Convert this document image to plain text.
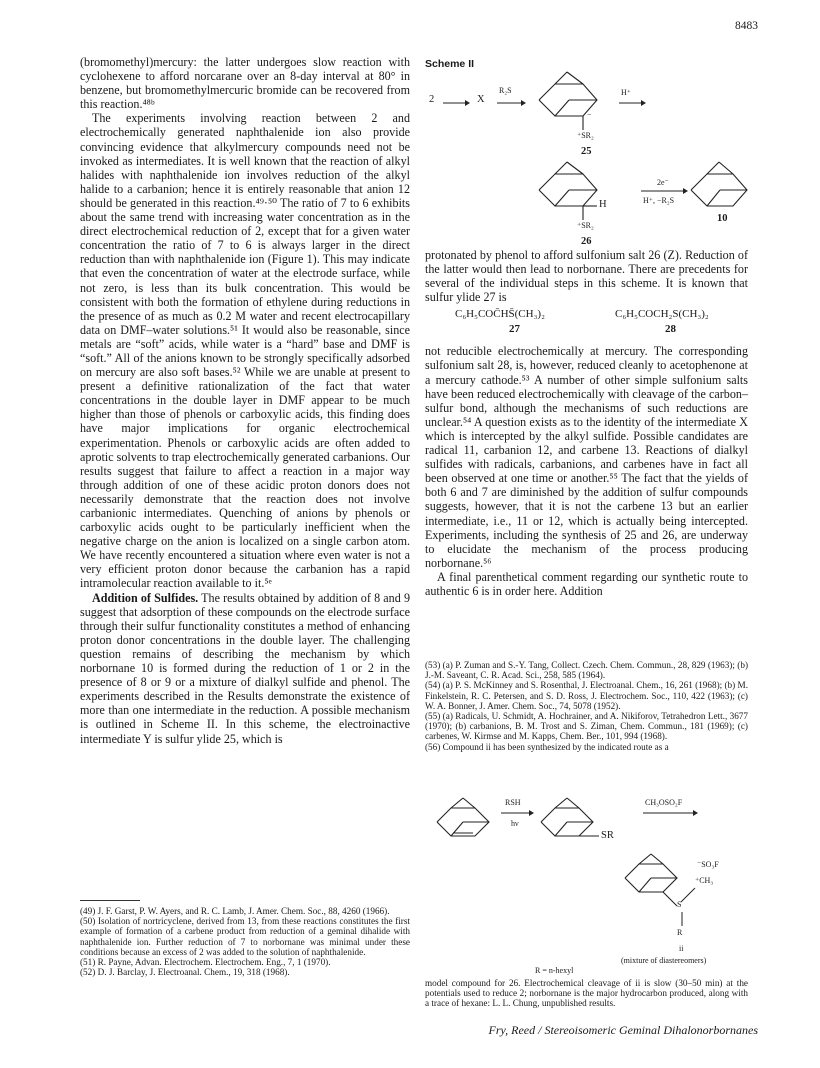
8483

(bromomethyl)mercury: the latter undergoes slow reaction with cyclohexene to afford norcarane over an 8-day interval at 80° in benzene, but bromomethylmercuric bromide can be recovered from this reaction.⁴⁸ᵇ

The experiments involving reaction between 2 and electrochemically generated naphthalenide ion also provide convincing evidence that alkylmercury compounds need not be invoked as intermediates. It is well known that the reaction of alkyl halides with naphthalenide ion involves reduction of the alkyl halide to a carbanion; hence it is entirely reasonable that anion 12 should be generated in this reaction.⁴⁹·⁵⁰ The ratio of 7 to 6 exhibits about the same trend with increasing water concentration as in the direct electrochemical reduction of 2, except that for a given water concentration the ratio of 7 to 6 is always larger in the direct reduction than with naphthalenide ion (Figure 1). This may indicate that even the concentration of water at the electrode surface, while not zero, is less than its bulk concentration. This would be consistent with both the formation of ethylene during reductions in the presence of as much as 0.2 M water and recent electrocapillary data on DMF–water solutions.⁵¹ It would also be reasonable, since metals are “soft” acids, while water is a “hard” base and DMF is “soft.” All of the anions known to be strongly specifically adsorbed on mercury are also soft bases.⁵² While we are unable at present to present a definitive rationalization of the fact that water concentrations in the double layer in DMF appear to be much higher than those of phenols or carboxylic acids, this finding does have major implications for organic electrochemical experimentation. Phenols or carboxylic acids are often added to aprotic solvents to trap electrochemically generated carbanions. Our results suggest that failure to affect a reaction in a major way through addition of one of these acidic proton donors does not necessarily demonstrate that the reaction does not involve carbanionic intermediates. Quenching of anions by phenols or carboxylic acids ought to be particularly inefficient when the negative charge on the anion is localized on a single carbon atom. We have recently encountered a situation where even water is not a very efficient proton donor because the carbanion has a rapid intramolecular reaction available to it.⁵ᵉ

Addition of Sulfides. The results obtained by addition of 8 and 9 suggest that adsorption of these compounds on the electrode surface through their sulfur functionality constitutes a method of enhancing proton donor concentrations in the double layer. The challenging question remains of describing the mechanism by which norbornane 10 is formed during the reduction of 1 or 2 in the presence of 8 or 9 or a mixture of dialkyl sulfide and phenol. The experiments described in the Results demonstrate the existence of more than one intermediate in the reduction. A possible mechanism is outlined in Scheme II. In this scheme, the electroinactive intermediate Y is sulfur ylide 25, which is

(49) J. F. Garst, P. W. Ayers, and R. C. Lamb, J. Amer. Chem. Soc., 88, 4260 (1966).

(50) Isolation of nortricyclene, derived from 13, from these reactions constitutes the first example of formation of a carbene product from reduction of a geminal dihalide with naphthalenide ion. Further reduction of 7 to norbornane was minimal under these conditions because an excess of 2 was added to the solution of naphthalenide.

(51) R. Payne, Advan. Electrochem. Electrochem. Eng., 7, 1 (1970).

(52) D. J. Barclay, J. Electroanal. Chem., 19, 318 (1968).

Scheme II
2	X
R₂S
−
⁺SR₂
25
H⁺
H
⁺SR₂
26
2e⁻
H⁺, −R₂S
10

protonated by phenol to afford sulfonium salt 26 (Z). Reduction of the latter would then lead to norbornane. There are precedents for several of the individual steps in this scheme. It is known that sulfur ylide 27 is

C₆H₅COC̄HS̄(CH₃)₂	C₆H₅COCH₂S(CH₃)₂
27	28

not reducible electrochemically at mercury. The corresponding sulfonium salt 28, is, however, reduced cleanly to acetophenone at a mercury cathode.⁵³ A number of other simple sulfonium salts have been reduced electrochemically with cleavage of the carbon–sulfur bond, although the mechanisms of such reductions are unclear.⁵⁴ A question exists as to the identity of the intermediate X which is intercepted by the alkyl sulfide. Possible candidates are radical 11, carbanion 12, and carbene 13. Reactions of dialkyl sulfides with radicals, carbanions, and carbenes have in fact all been observed at one time or another.⁵⁵ The fact that the yields of both 6 and 7 are diminished by the addition of sulfur compounds suggests, however, that it is not the carbene 13 but an earlier intermediate, i.e., 11 or 12, which is actually being intercepted. Experiments, including the synthesis of 25 and 26, are underway to elucidate the mechanism of the process producing norbornane.⁵⁶

A final parenthetical comment regarding our synthetic route to authentic 6 is in order here. Addition

(53) (a) P. Zuman and S.-Y. Tang, Collect. Czech. Chem. Commun., 28, 829 (1963); (b) J.-M. Saveant, C. R. Acad. Sci., 258, 585 (1964).

(54) (a) P. S. McKinney and S. Rosenthal, J. Electroanal. Chem., 16, 261 (1968); (b) M. Finkelstein, R. C. Petersen, and S. D. Ross, J. Electrochem. Soc., 110, 422 (1963); (c) W. A. Bonner, J. Amer. Chem. Soc., 74, 5078 (1952).

(55) (a) Radicals, U. Schmidt, A. Hochrainer, and A. Nikiforov, Tetrahedron Lett., 3677 (1970); (b) carbanions, B. M. Trost and S. Ziman, Chem. Commun., 181 (1969); (c) carbenes, W. Kirmse and M. Kapps, Chem. Ber., 101, 994 (1968).

(56) Compound ii has been synthesized by the indicated route as a

RSH
hν
SR
CH₃OSO₂F
⁻SO₃F
⁺CH₃
S
R
ii
(mixture of diastereomers)
R = n-hexyl

model compound for 26. Electrochemical cleavage of ii is slow (30–50 min) at the potentials used to reduce 2; norbornane is the major hydrocarbon produced, along with a trace of hexane: L. L. Chung, unpublished results.

Fry, Reed / Stereoisomeric Geminal Dihalonorbornanes
